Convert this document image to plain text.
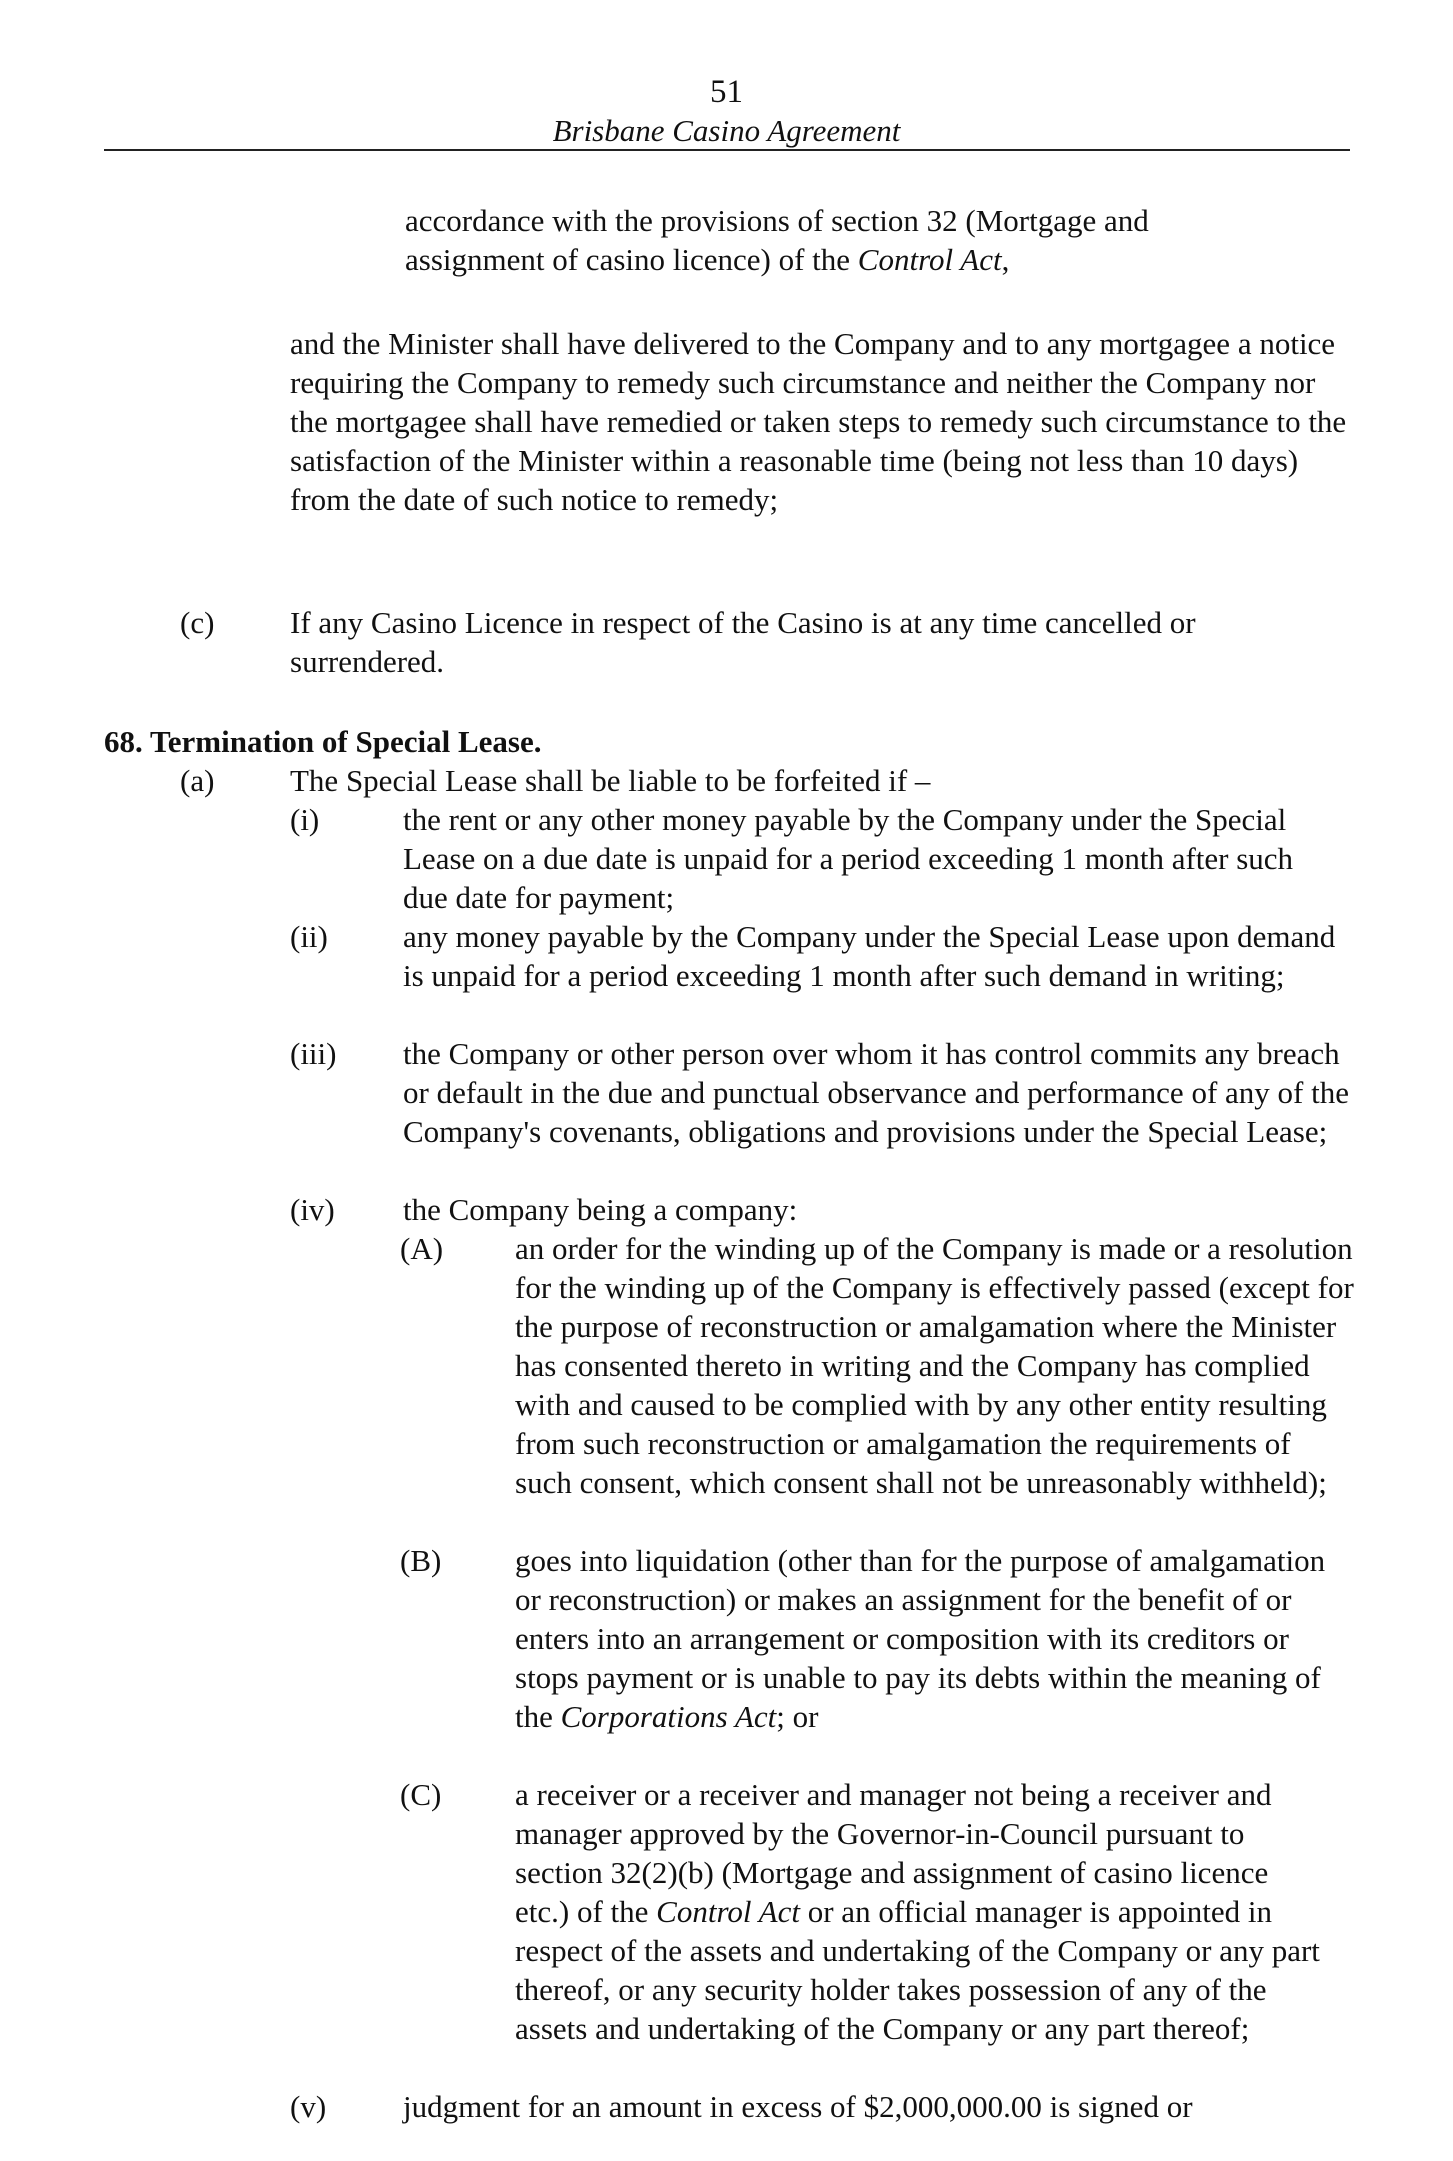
51
Brisbane Casino Agreement

accordance with the provisions of section 32 (Mortgage and assignment of casino licence) of the Control Act,

and the Minister shall have delivered to the Company and to any mortgagee a notice requiring the Company to remedy such circumstance and neither the Company nor the mortgagee shall have remedied or taken steps to remedy such circumstance to the satisfaction of the Minister within a reasonable time (being not less than 10 days) from the date of such notice to remedy;

(c) If any Casino Licence in respect of the Casino is at any time cancelled or surrendered.

68. Termination of Special Lease.
(a) The Special Lease shall be liable to be forfeited if –

(i)	the rent or any other money payable by the Company under the Special Lease on a due date is unpaid for a period exceeding 1 month after such due date for payment;

(ii) any money payable by the Company under the Special Lease upon demand is unpaid for a period exceeding 1 month after such demand in writing;

(iii) the Company or other person over whom it has control commits any breach or default in the due and punctual observance and performance of any of the Company's covenants, obligations and provisions under the Special Lease;

(iv) the Company being a company:

(A) an order for the winding up of the Company is made or a resolution for the winding up of the Company is effectively passed (except for the purpose of reconstruction or amalgamation where the Minister has consented thereto in writing and the Company has complied with and caused to be complied with by any other entity resulting from such reconstruction or amalgamation the requirements of such consent, which consent shall not be unreasonably withheld);

(B) goes into liquidation (other than for the purpose of amalgamation or reconstruction) or makes an assignment for the benefit of or enters into an arrangement or composition with its creditors or stops payment or is unable to pay its debts within the meaning of the Corporations Act; or

(C) a receiver or a receiver and manager not being a receiver and manager approved by the Governor-in-Council pursuant to section 32(2)(b) (Mortgage and assignment of casino licence etc.) of the Control Act or an official manager is appointed in respect of the assets and undertaking of the Company or any part thereof, or any security holder takes possession of any of the assets and undertaking of the Company or any part thereof;

(v) judgment for an amount in excess of $2,000,000.00 is signed or
